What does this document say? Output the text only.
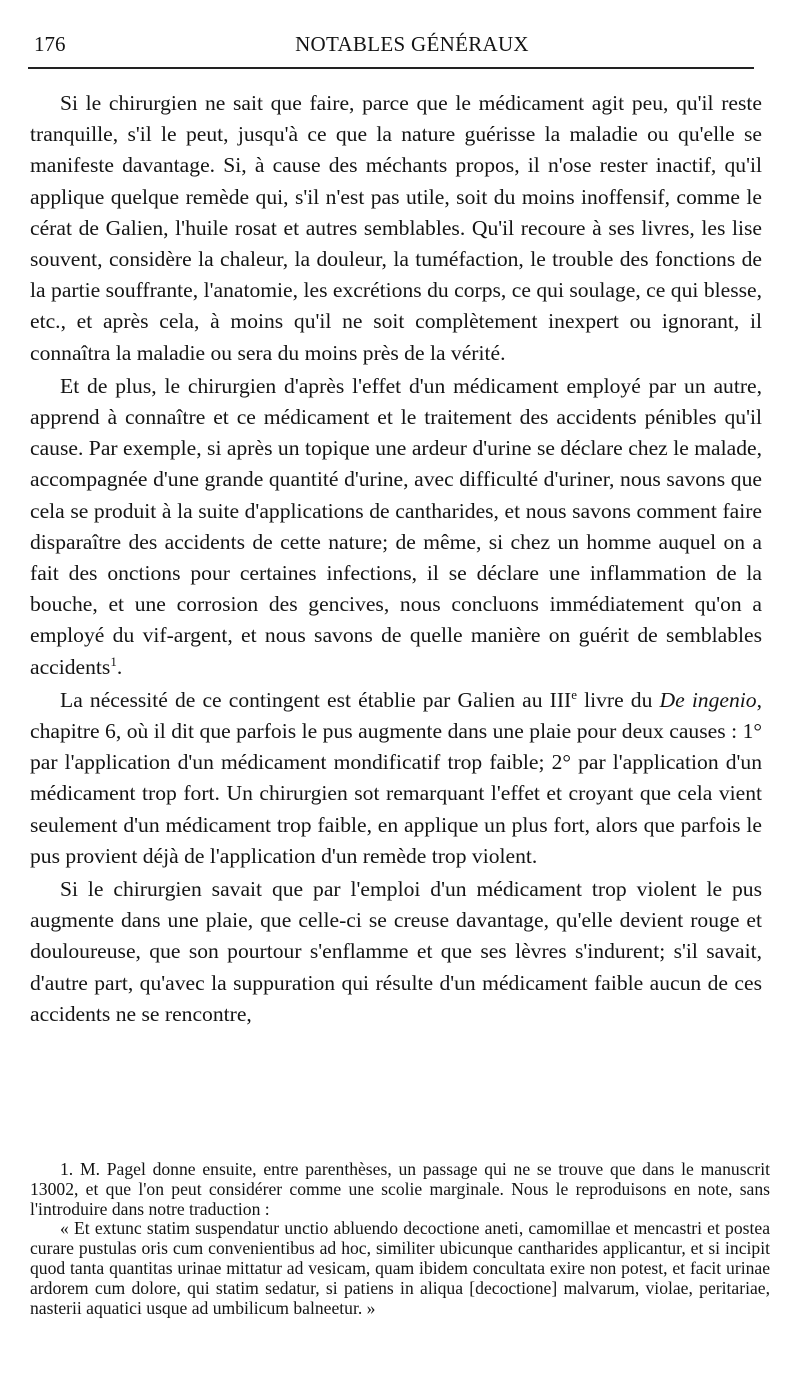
176	NOTABLES GÉNÉRAUX

Si le chirurgien ne sait que faire, parce que le médicament agit peu, qu'il reste tranquille, s'il le peut, jusqu'à ce que la nature guérisse la maladie ou qu'elle se manifeste davantage. Si, à cause des méchants propos, il n'ose rester inactif, qu'il applique quelque remède qui, s'il n'est pas utile, soit du moins inoffensif, comme le cérat de Galien, l'huile rosat et autres semblables. Qu'il recoure à ses livres, les lise souvent, considère la chaleur, la douleur, la tuméfaction, le trouble des fonctions de la partie souffrante, l'anatomie, les excrétions du corps, ce qui soulage, ce qui blesse, etc., et après cela, à moins qu'il ne soit complètement inexpert ou ignorant, il connaîtra la maladie ou sera du moins près de la vérité.

Et de plus, le chirurgien d'après l'effet d'un médicament employé par un autre, apprend à connaître et ce médicament et le traitement des accidents pénibles qu'il cause. Par exemple, si après un topique une ardeur d'urine se déclare chez le malade, accompagnée d'une grande quantité d'urine, avec difficulté d'uriner, nous savons que cela se produit à la suite d'applications de cantharides, et nous savons comment faire disparaître des accidents de cette nature; de même, si chez un homme auquel on a fait des onctions pour certaines infections, il se déclare une inflammation de la bouche, et une corrosion des gencives, nous concluons immédiatement qu'on a employé du vif-argent, et nous savons de quelle manière on guérit de semblables accidents$^1$.

La nécessité de ce contingent est établie par Galien au IIIe livre du De ingenio, chapitre 6, où il dit que parfois le pus augmente dans une plaie pour deux causes : 1° par l'application d'un médicament mondificatif trop faible; 2° par l'application d'un médicament trop fort. Un chirurgien sot remarquant l'effet et croyant que cela vient seulement d'un médicament trop faible, en applique un plus fort, alors que parfois le pus provient déjà de l'application d'un remède trop violent.

Si le chirurgien savait que par l'emploi d'un médicament trop violent le pus augmente dans une plaie, que celle-ci se creuse davantage, qu'elle devient rouge et douloureuse, que son pourtour s'enflamme et que ses lèvres s'indurent; s'il savait, d'autre part, qu'avec la suppuration qui résulte d'un médicament faible aucun de ces accidents ne se rencontre,

1. M. Pagel donne ensuite, entre parenthèses, un passage qui ne se trouve que dans le manuscrit 13002, et que l'on peut considérer comme une scolie marginale. Nous le reproduisons en note, sans l'introduire dans notre traduction :

« Et extunc statim suspendatur unctio abluendo decoctione aneti, camomillae et mencastri et postea curare pustulas oris cum convenientibus ad hoc, similiter ubicunque cantharides applicantur, et si incipit quod tanta quantitas urinae mittatur ad vesicam, quam ibidem concultata exire non potest, et facit urinae ardorem cum dolore, qui statim sedatur, si patiens in aliqua [decoctione] malvarum, violae, peritariae, nasterii aquatici usque ad umbilicum balneetur. »
